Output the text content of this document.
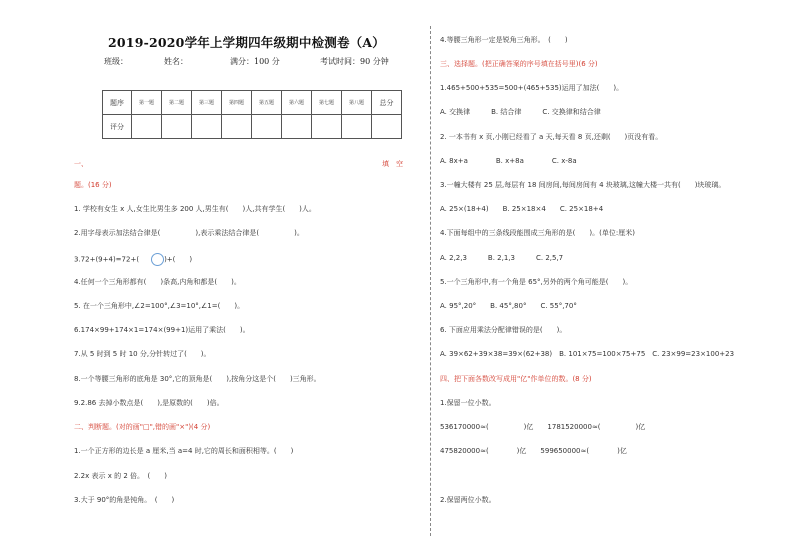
2019-2020学年上学期四年级期中检测卷（A）
班级：	姓名：	满分：100 分	考试时间：90 分钟
题序	第一题	第二题	第三题	第四题	第五题	第六题	第七题	第八题	总分
评分									
一、	填　空
题。(16 分)
1. 学校有女生 x 人,女生比男生多 200 人,男生有(　　)人,共有学生(　　)人。
2.用字母表示加法结合律是(　　　　　),表示乘法结合律是(　　　　　)。
3.72+(9+4)=72+(　　)+(　　)
4.任何一个三角形都有(　　)条高,内角和都是(　　)。
5. 在一个三角形中,∠2=100°,∠3=10°,∠1=(　　)。
6.174×99+174×1=174×(99+1)运用了乘法(　　)。
7.从 5 时到 5 时 10 分,分针转过了(　　)。
8.一个等腰三角形的底角是 30°,它的顶角是(　　),按角分这是个(　　)三角形。
9.2.86 去掉小数点是(　　),是原数的(　　)倍。
二、判断题。(对的画"□",错的画"×")(4 分)
1.一个正方形的边长是 a 厘米,当 a=4 时,它的周长和面积相等。(　　)
2.2x 表示 x 的 2 倍。　(　　)
3.大于 90°的角是钝角。　(　　)
4.等腰三角形一定是锐角三角形。　(　　)
三、选择题。(把正确答案的序号填在括号里)(6 分)
1.465+500+535=500+(465+535)运用了加法(　　)。
A. 交换律　　　B. 结合律　　　C. 交换律和结合律
2. 一本书有 x 页,小刚已经看了 a 天,每天看 8 页,还剩(　　)页没有看。
A. 8x+a　　　　B. x+8a　　　　C. x-8a
3.一幢大楼有 25 层,每层有 18 间房间,每间房间有 4 块玻璃,这幢大楼一共有(　　)块玻璃。
A. 25×(18+4)　　B. 25×18×4　　C. 25×18+4
4.下面每组中的三条线段能围成三角形的是(　　)。(单位:厘米)
A. 2,2,3　　　B. 2,1,3　　　C. 2,5,7
5.一个三角形中,有一个角是 65°,另外的两个角可能是(　　)。
A. 95°,20°　　B. 45°,80°　　C. 55°,70°
6. 下面应用乘法分配律错误的是(　　)。
A. 39×62+39×38=39×(62+38)　B. 101×75=100×75+75　C. 23×99=23×100+23
四、把下面各数改写成用"亿"作单位的数。(8 分)
1.保留一位小数。
536170000≈(　　　　　)亿　　1781520000≈(　　　　　)亿
475820000≈(　　　　)亿　　599650000≈(　　　　)亿
2.保留两位小数。
